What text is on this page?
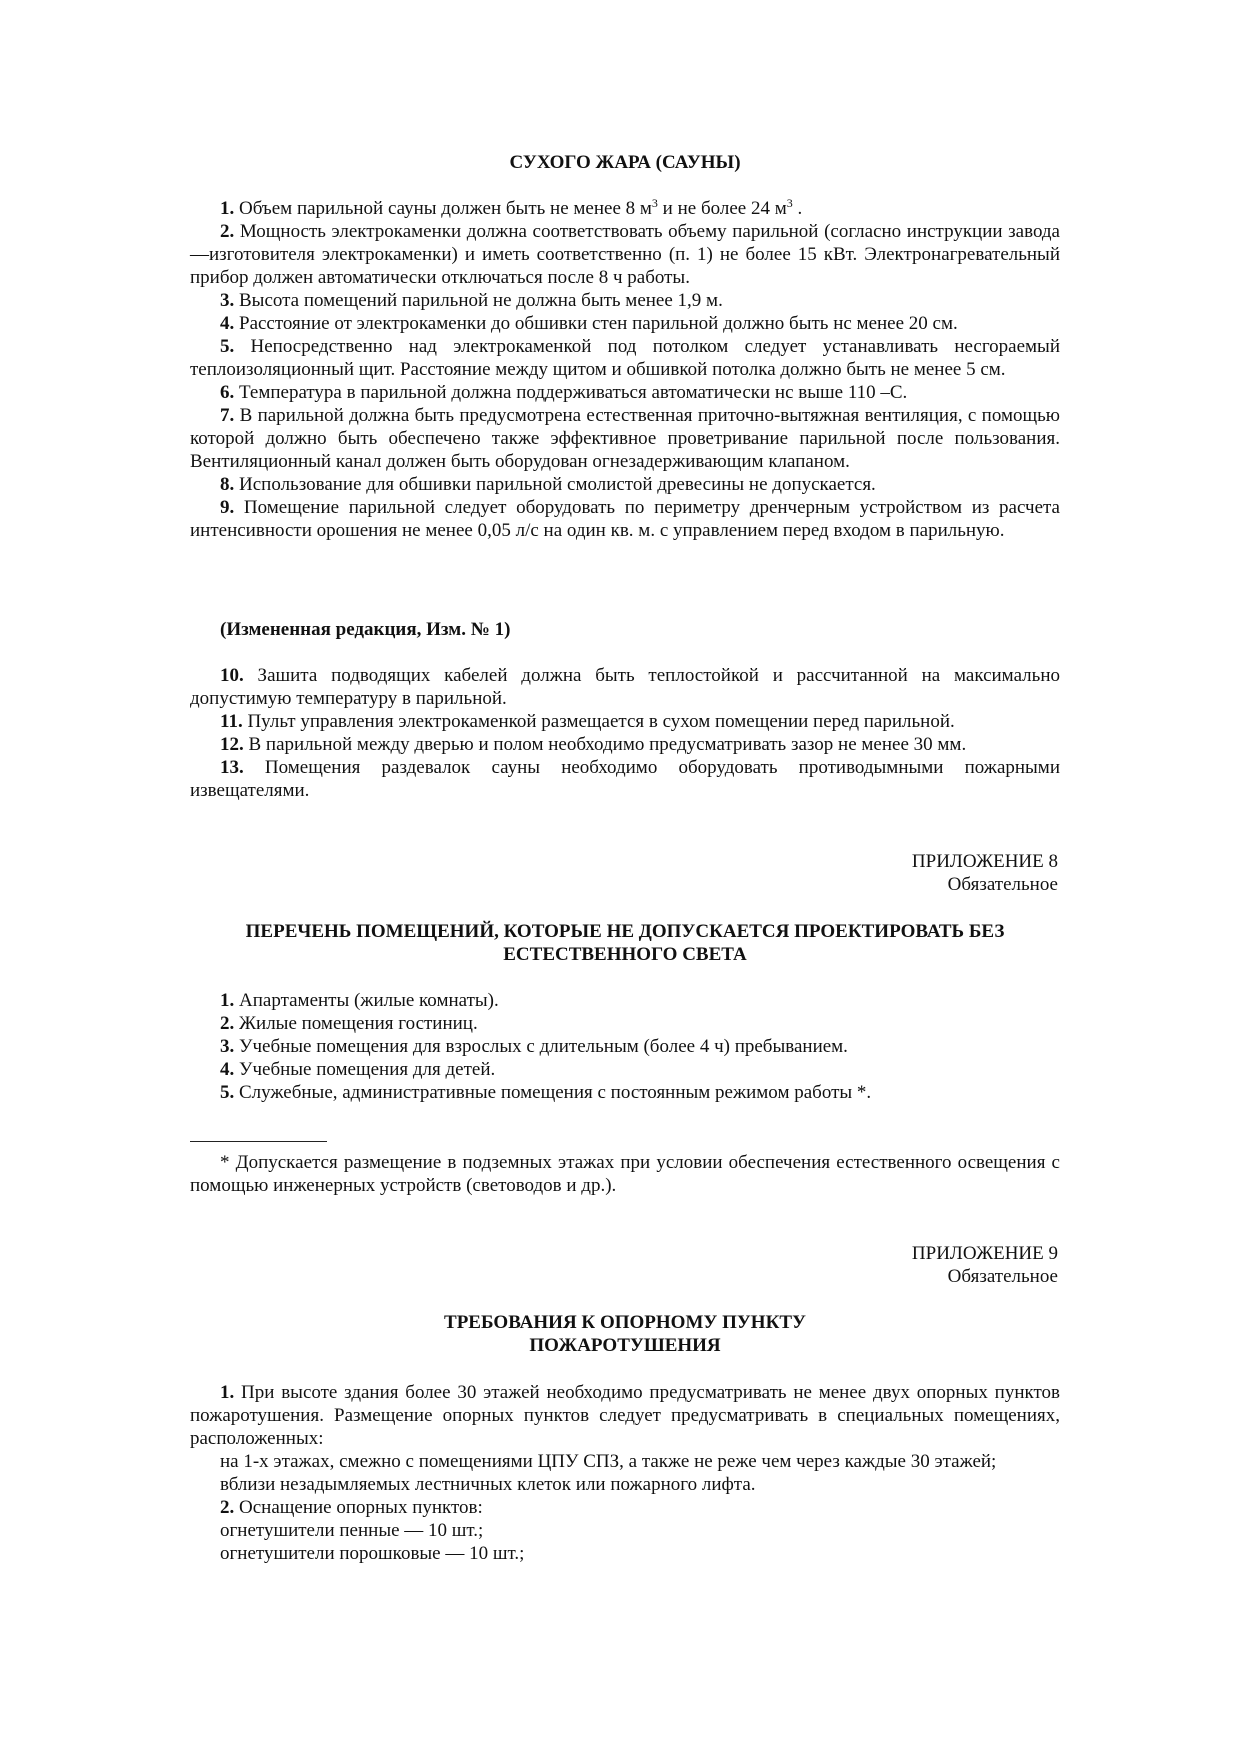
СУХОГО ЖАРА (САУНЫ)

1. Объем парильной сауны должен быть не менее 8 $м^3$ и не более 24 $м^3$ .

2. Мощность электрокаменки должна соответствовать объему парильной (согласно инструкции завода—изготовителя электрокаменки) и иметь соответственно (п. 1) не более 15 кВт. Электронагревательный прибор должен автоматически отключаться после 8 ч работы.

3. Высота помещений парильной не должна быть менее 1,9 м.

4. Расстояние от электрокаменки до обшивки стен парильной должно быть нс менее 20 см.

5. Непосредственно над электрокаменкой под потолком следует устанавливать несгораемый теплоизоляционный щит. Расстояние между щитом и обшивкой потолка должно быть не менее 5 см.

6. Температура в парильной должна поддерживаться автоматически нс выше 110 –С.

7. В парильной должна быть предусмотрена естественная приточно-вытяжная вентиляция, с помощью которой должно быть обеспечено также эффективное проветривание парильной после пользования. Вентиляционный канал должен быть оборудован огнезадерживающим клапаном.

8. Использование для обшивки парильной смолистой древесины не допускается.

9. Помещение парильной следует оборудовать по периметру дренчерным устройством из расчета интенсивности орошения не менее 0,05 л/с на один кв. м. с управлением перед входом в парильную.

(Измененная редакция, Изм. № 1)

10. Зашита подводящих кабелей должна быть теплостойкой и рассчитанной на максимально допустимую температуру в парильной.

11. Пульт управления электрокаменкой размещается в сухом помещении перед парильной.

12. В парильной между дверью и полом необходимо предусматривать зазор не менее 30 мм.

13. Помещения раздевалок сауны необходимо оборудовать противодымными пожарными извещателями.

ПРИЛОЖЕНИЕ 8

Обязательное

ПЕРЕЧЕНЬ ПОМЕЩЕНИЙ, КОТОРЫЕ НЕ ДОПУСКАЕТСЯ ПРОЕКТИРОВАТЬ БЕЗ

ЕСТЕСТВЕННОГО СВЕТА

1. Апартаменты (жилые комнаты).

2. Жилые помещения гостиниц.

3. Учебные помещения для взрослых с длительным (более 4 ч) пребыванием.

4. Учебные помещения для детей.

5. Служебные, административные помещения с постоянным режимом работы *.

* Допускается размещение в подземных этажах при условии обеспечения естественного освещения с помощью инженерных устройств (световодов и др.).

ПРИЛОЖЕНИЕ 9

Обязательное

ТРЕБОВАНИЯ К ОПОРНОМУ ПУНКТУ

ПОЖАРОТУШЕНИЯ

1. При высоте здания более 30 этажей необходимо предусматривать не менее двух опорных пунктов пожаротушения. Размещение опорных пунктов следует предусматривать в специальных помещениях, расположенных:

на 1-х этажах, смежно с помещениями ЦПУ СПЗ, а также не реже чем через каждые 30 этажей;

вблизи незадымляемых лестничных клеток или пожарного лифта.

2. Оснащение опорных пунктов:

огнетушители пенные — 10 шт.;

огнетушители порошковые — 10 шт.;
